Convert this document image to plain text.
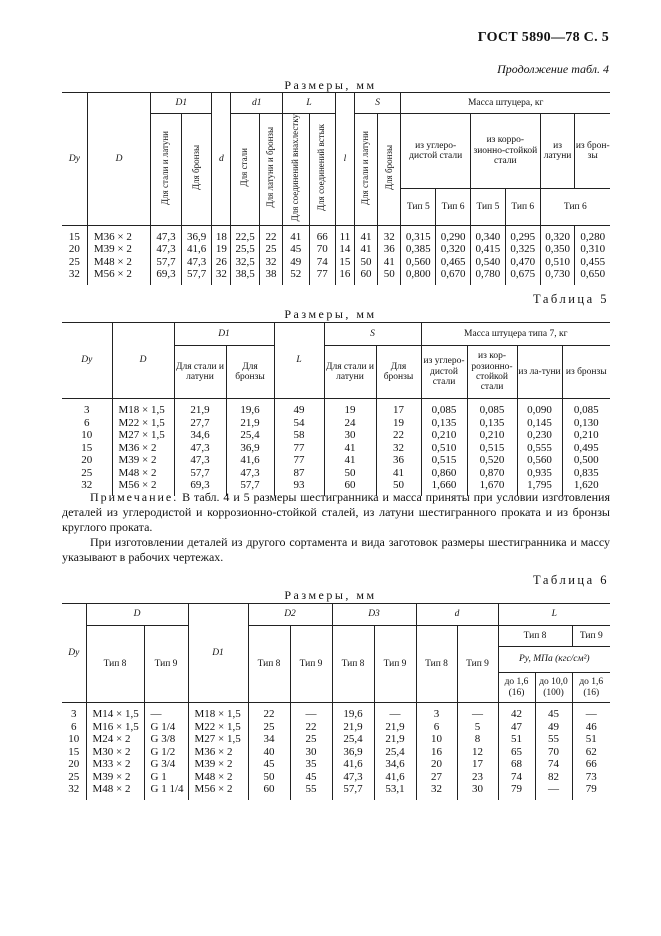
ГОСТ 5890—78 С. 5
Продолжение табл. 4
Размеры, мм
Dy	D	D1		d	d1		L		l	S		Масса штуцера, кг					
		Для стали и латуни	Для бронзы		Для стали	Для латуни и бронзы	Для соединений внахлестку	Для соединений встык		Для стали и латуни	Для бронзы	из углеро-дистой стали		из корро-зионно-стойкой стали		из латуни	из брон-зы
												Тип 5	Тип 6	Тип 5	Тип 6	Тип 6	
15	М36 × 2	47,3	36,9	18	22,5	22	41	66	11	41	32	0,315	0,290	0,340	0,295	0,320	0,280
20	М39 × 2	47,3	41,6	19	25,5	25	45	70	14	41	36	0,385	0,320	0,415	0,325	0,350	0,310
25	М48 × 2	57,7	47,3	26	32,5	32	49	74	15	50	41	0,560	0,465	0,540	0,470	0,510	0,455
32	М56 × 2	69,3	57,7	32	38,5	38	52	77	16	60	50	0,800	0,670	0,780	0,675	0,730	0,650

Таблица 5
Размеры, мм
Dy	D	D1		L	S		Масса штуцера типа 7, кг			
		Для стали и латуни	Для бронзы		Для стали и латуни	Для бронзы	из углеро-дистой стали	из кор-розионно-стойкой стали	из ла-туни	из бронзы
3	М18 × 1,5	21,9	19,6	49	19	17	0,085	0,085	0,090	0,085
6	М22 × 1,5	27,7	21,9	54	24	19	0,135	0,135	0,145	0,130
10	М27 × 1,5	34,6	25,4	58	30	22	0,210	0,210	0,230	0,210
15	М36 × 2	47,3	36,9	77	41	32	0,510	0,515	0,555	0,495
20	М39 × 2	47,3	41,6	77	41	36	0,515	0,520	0,560	0,500
25	М48 × 2	57,7	47,3	87	50	41	0,860	0,870	0,935	0,835
32	М56 × 2	69,3	57,7	93	60	50	1,660	1,670	1,795	1,620

Примечание. В табл. 4 и 5 размеры шестигранника и масса приняты при условии изготовления деталей из углеродистой и коррозионно-стойкой сталей, из латуни шестигранного проката и из бронзы круглого проката.

При изготовлении деталей из другого сортамента и вида заготовок размеры шестигранника и массу указывают в рабочих чертежах.

Таблица 6
Размеры, мм
Dy	D		D1	D2		D3		d		L		
	Тип 8	Тип 9		Тип 8	Тип 9	Тип 8	Тип 9	Тип 8	Тип 9	Тип 8		Тип 9
										Pу, МПа (кгс/см²)		
										до 1,6 (16)	до 10,0 (100)	до 1,6 (16)
3	М14 × 1,5	—	М18 × 1,5	22	—	19,6	—	3	—	42	45	—
6	М16 × 1,5	G 1/4	М22 × 1,5	25	22	21,9	21,9	6	5	47	49	46
10	М24 × 2	G 3/8	М27 × 1,5	34	25	25,4	21,9	10	8	51	55	51
15	М30 × 2	G 1/2	М36 × 2	40	30	36,9	25,4	16	12	65	70	62
20	М33 × 2	G 3/4	М39 × 2	45	35	41,6	34,6	20	17	68	74	66
25	М39 × 2	G 1	М48 × 2	50	45	47,3	41,6	27	23	74	82	73
32	М48 × 2	G 1 1/4	М56 × 2	60	55	57,7	53,1	32	30	79	—	79
